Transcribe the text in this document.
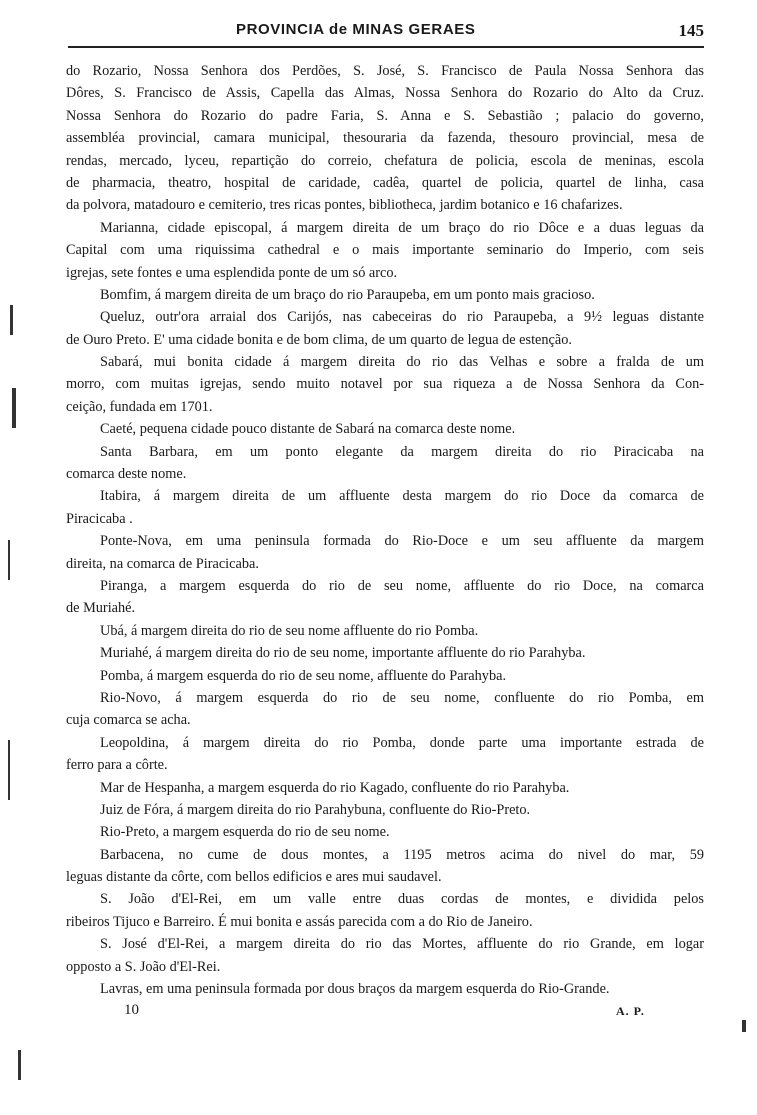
PROVINCIA de MINAS GERAES	145
do Rozario, Nossa Senhora dos Perdões, S. José, S. Francisco de Paula Nossa Senhora das
Dôres, S. Francisco de Assis, Capella das Almas, Nossa Senhora do Rozario do Alto da Cruz.
Nossa Senhora do Rozario do padre Faria, S. Anna e S. Sebastião ; palacio do governo,
assembléa provincial, camara municipal, thesouraria da fazenda, thesouro provincial, mesa de
rendas, mercado, lyceu, repartição do correio, chefatura de policia, escola de meninas, escola
de pharmacia, theatro, hospital de caridade, cadêa, quartel de policia, quartel de linha, casa
da polvora, matadouro e cemiterio, tres ricas pontes, bibliotheca, jardim botanico e 16 chafarizes.
Marianna, cidade episcopal, á margem direita de um braço do rio Dôce e a duas leguas da
Capital com uma riquissima cathedral e o mais importante seminario do Imperio, com seis
igrejas, sete fontes e uma esplendida ponte de um só arco.
Bomfim, á margem direita de um braço do rio Paraupeba, em um ponto mais gracioso.
Queluz, outr'ora arraial dos Carijós, nas cabeceiras do rio Paraupeba, a 9½ leguas distante
de Ouro Preto. E' uma cidade bonita e de bom clima, de um quarto de legua de estenção.
Sabará, mui bonita cidade á margem direita do rio das Velhas e sobre a fralda de um
morro, com muitas igrejas, sendo muito notavel por sua riqueza a de Nossa Senhora da Con-
ceição, fundada em 1701.
Caeté, pequena cidade pouco distante de Sabará na comarca deste nome.
Santa Barbara, em um ponto elegante da margem direita do rio Piracicaba na
comarca deste nome.
Itabira, á margem direita de um affluente desta margem do rio Doce da comarca de
Piracicaba .
Ponte-Nova, em uma peninsula formada do Rio-Doce e um seu affluente da margem
direita, na comarca de Piracicaba.
Piranga, a margem esquerda do rio de seu nome, affluente do rio Doce, na comarca
de Muriahé.
Ubá, á margem direita do rio de seu nome affluente do rio Pomba.
Muriahé, á margem direita do rio de seu nome, importante affluente do rio Parahyba.
Pomba, á margem esquerda do rio de seu nome, affluente do Parahyba.
Rio-Novo, á margem esquerda do rio de seu nome, confluente do rio Pomba, em
cuja comarca se acha.
Leopoldina, á margem direita do rio Pomba, donde parte uma importante estrada de
ferro para a côrte.
Mar de Hespanha, a margem esquerda do rio Kagado, confluente do rio Parahyba.
Juiz de Fóra, á margem direita do rio Parahybuna, confluente do Rio-Preto.
Rio-Preto, a margem esquerda do rio de seu nome.
Barbacena, no cume de dous montes, a 1195 metros acima do nivel do mar, 59
leguas distante da côrte, com bellos edificios e ares mui saudavel.
S. João d'El-Rei, em um valle entre duas cordas de montes, e dividida pelos
ribeiros Tijuco e Barreiro. É mui bonita e assás parecida com a do Rio de Janeiro.
S. José d'El-Rei, a margem direita do rio das Mortes, affluente do rio Grande, em logar
opposto a S. João d'El-Rei.
Lavras, em uma peninsula formada por dous braços da margem esquerda do Rio-Grande.
10	A. P.
